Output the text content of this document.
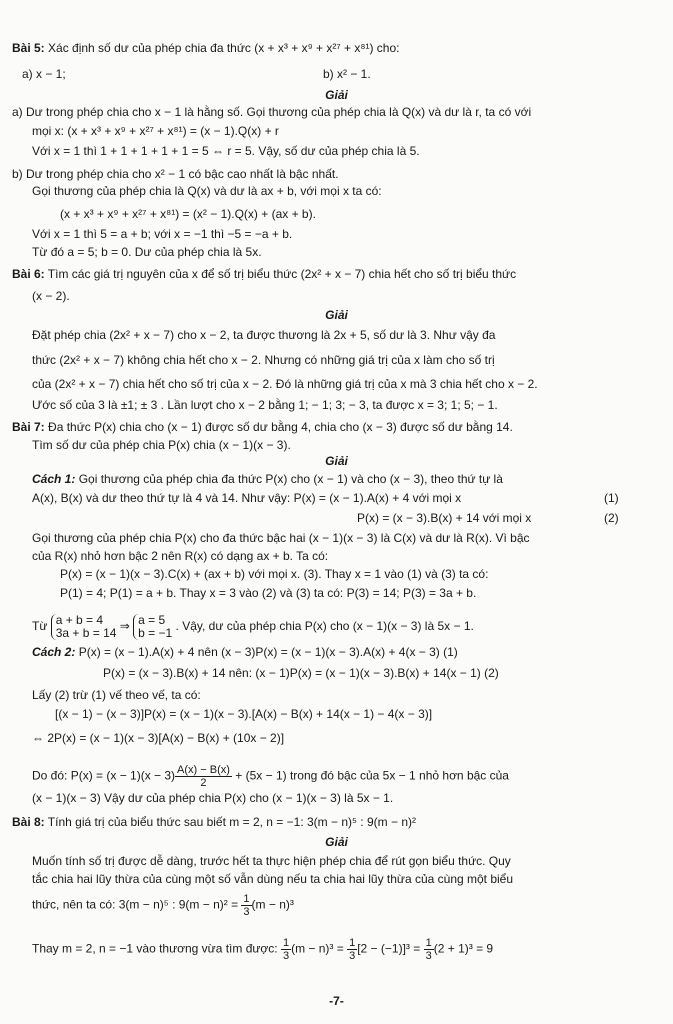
Bài 5: Xác định số dư của phép chia đa thức (x + x³ + x⁹ + x²⁷ + x⁸¹) cho:
a) x − 1;	b) x² − 1.
Giải
a) Dư trong phép chia cho x − 1 là hằng số. Gọi thương của phép chia là Q(x) và dư là r, ta có với
mọi x: (x + x³ + x⁹ + x²⁷ + x⁸¹) = (x − 1).Q(x) + r
Với x = 1 thì 1 + 1 + 1 + 1 + 1 = 5 ⇔ r = 5. Vậy, số dư của phép chia là 5.
b) Dư trong phép chia cho x² − 1 có bậc cao nhất là bậc nhất.
Gọi thương của phép chia là Q(x) và dư là ax + b, với mọi x ta có:
(x + x³ + x⁹ + x²⁷ + x⁸¹) = (x² − 1).Q(x) + (ax + b).
Với x = 1 thì 5 = a + b; với x = −1 thì −5 = −a + b.
Từ đó a = 5; b = 0. Dư của phép chia là 5x.
Bài 6: Tìm các giá trị nguyên của x để số trị biểu thức (2x² + x − 7) chia hết cho số trị biểu thức
(x − 2).
Giải
Đặt phép chia (2x² + x − 7) cho x − 2, ta được thương là 2x + 5, số dư là 3. Như vậy đa
thức (2x² + x − 7) không chia hết cho x − 2. Nhưng có những giá trị của x làm cho số trị
của (2x² + x − 7) chia hết cho số trị của x − 2. Đó là những giá trị của x mà 3 chia hết cho x − 2.
Ước số của 3 là ±1; ± 3 . Lần lượt cho x − 2 bằng 1; − 1; 3; − 3, ta được x = 3; 1; 5; − 1.
Bài 7: Đa thức P(x) chia cho (x − 1) được số dư bằng 4, chia cho (x − 3) được số dư bằng 14.
Tìm số dư của phép chia P(x) chia (x − 1)(x − 3).
Giải
Cách 1: Gọi thương của phép chia đa thức P(x) cho (x − 1) và cho (x − 3), theo thứ tự là
A(x), B(x) và dư theo thứ tự là 4 và 14. Như vậy: P(x) = (x − 1).A(x) + 4 với mọi x	(1)
P(x) = (x − 3).B(x) + 14 với mọi x	(2)
Gọi thương của phép chia P(x) cho đa thức bậc hai (x − 1)(x − 3) là C(x) và dư là R(x). Vì bậc
của R(x) nhỏ hơn bậc 2 nên R(x) có dạng ax + b. Ta có:
P(x) = (x − 1)(x − 3).C(x) + (ax + b) với mọi x. (3). Thay x = 1 vào (1) và (3) ta có:
P(1) = 4; P(1) = a + b. Thay x = 3 vào (2) và (3) ta có: P(3) = 14; P(3) = 3a + b.
Từ a + b = 4
3a + b = 14 ⇒ a = 5
b = −1 . Vậy, dư của phép chia P(x) cho (x − 1)(x − 3) là 5x − 1.
Cách 2: P(x) = (x − 1).A(x) + 4 nên (x − 3)P(x) = (x − 1)(x − 3).A(x) + 4(x − 3) (1)
P(x) = (x − 3).B(x) + 14 nên: (x − 1)P(x) = (x − 1)(x − 3).B(x) + 14(x − 1) (2)
Lấy (2) trừ (1) vế theo vế, ta có:
[(x − 1) − (x − 3)]P(x) = (x − 1)(x − 3).[A(x) − B(x) + 14(x − 1) − 4(x − 3)]
⇔ 2P(x) = (x − 1)(x − 3)[A(x) − B(x) + (10x − 2)]
Do đó: $P(x) = (x - 1)(x - 3) \frac{A(x) - B(x)}{2} + (5x - 1)$ trong đó bậc của 5x − 1 nhỏ hơn bậc của
(x − 1)(x − 3) Vậy dư của phép chia P(x) cho (x − 1)(x − 3) là 5x − 1.
Bài 8: Tính giá trị của biểu thức sau biết m = 2, n = −1: 3(m − n)⁵ : 9(m − n)²
Giải
Muốn tính số trị được dễ dàng, trước hết ta thực hiện phép chia để rút gọn biểu thức. Quy
tắc chia hai lũy thừa của cùng một số vẫn dùng nếu ta chia hai lũy thừa của cùng một biểu
thức, nên ta có: 3(m − n)⁵ : $9(m - n)^2 = \frac{1}{3} (m - n)^3$
Thay m = 2, n = −1 vào thương vừa tìm được: $\frac{1}{3} (m - n)^3 = \frac{1}{3} [2 - (-1)]^3 = \frac{1}{3} (2 + 1)^3 = 9$
-7-
